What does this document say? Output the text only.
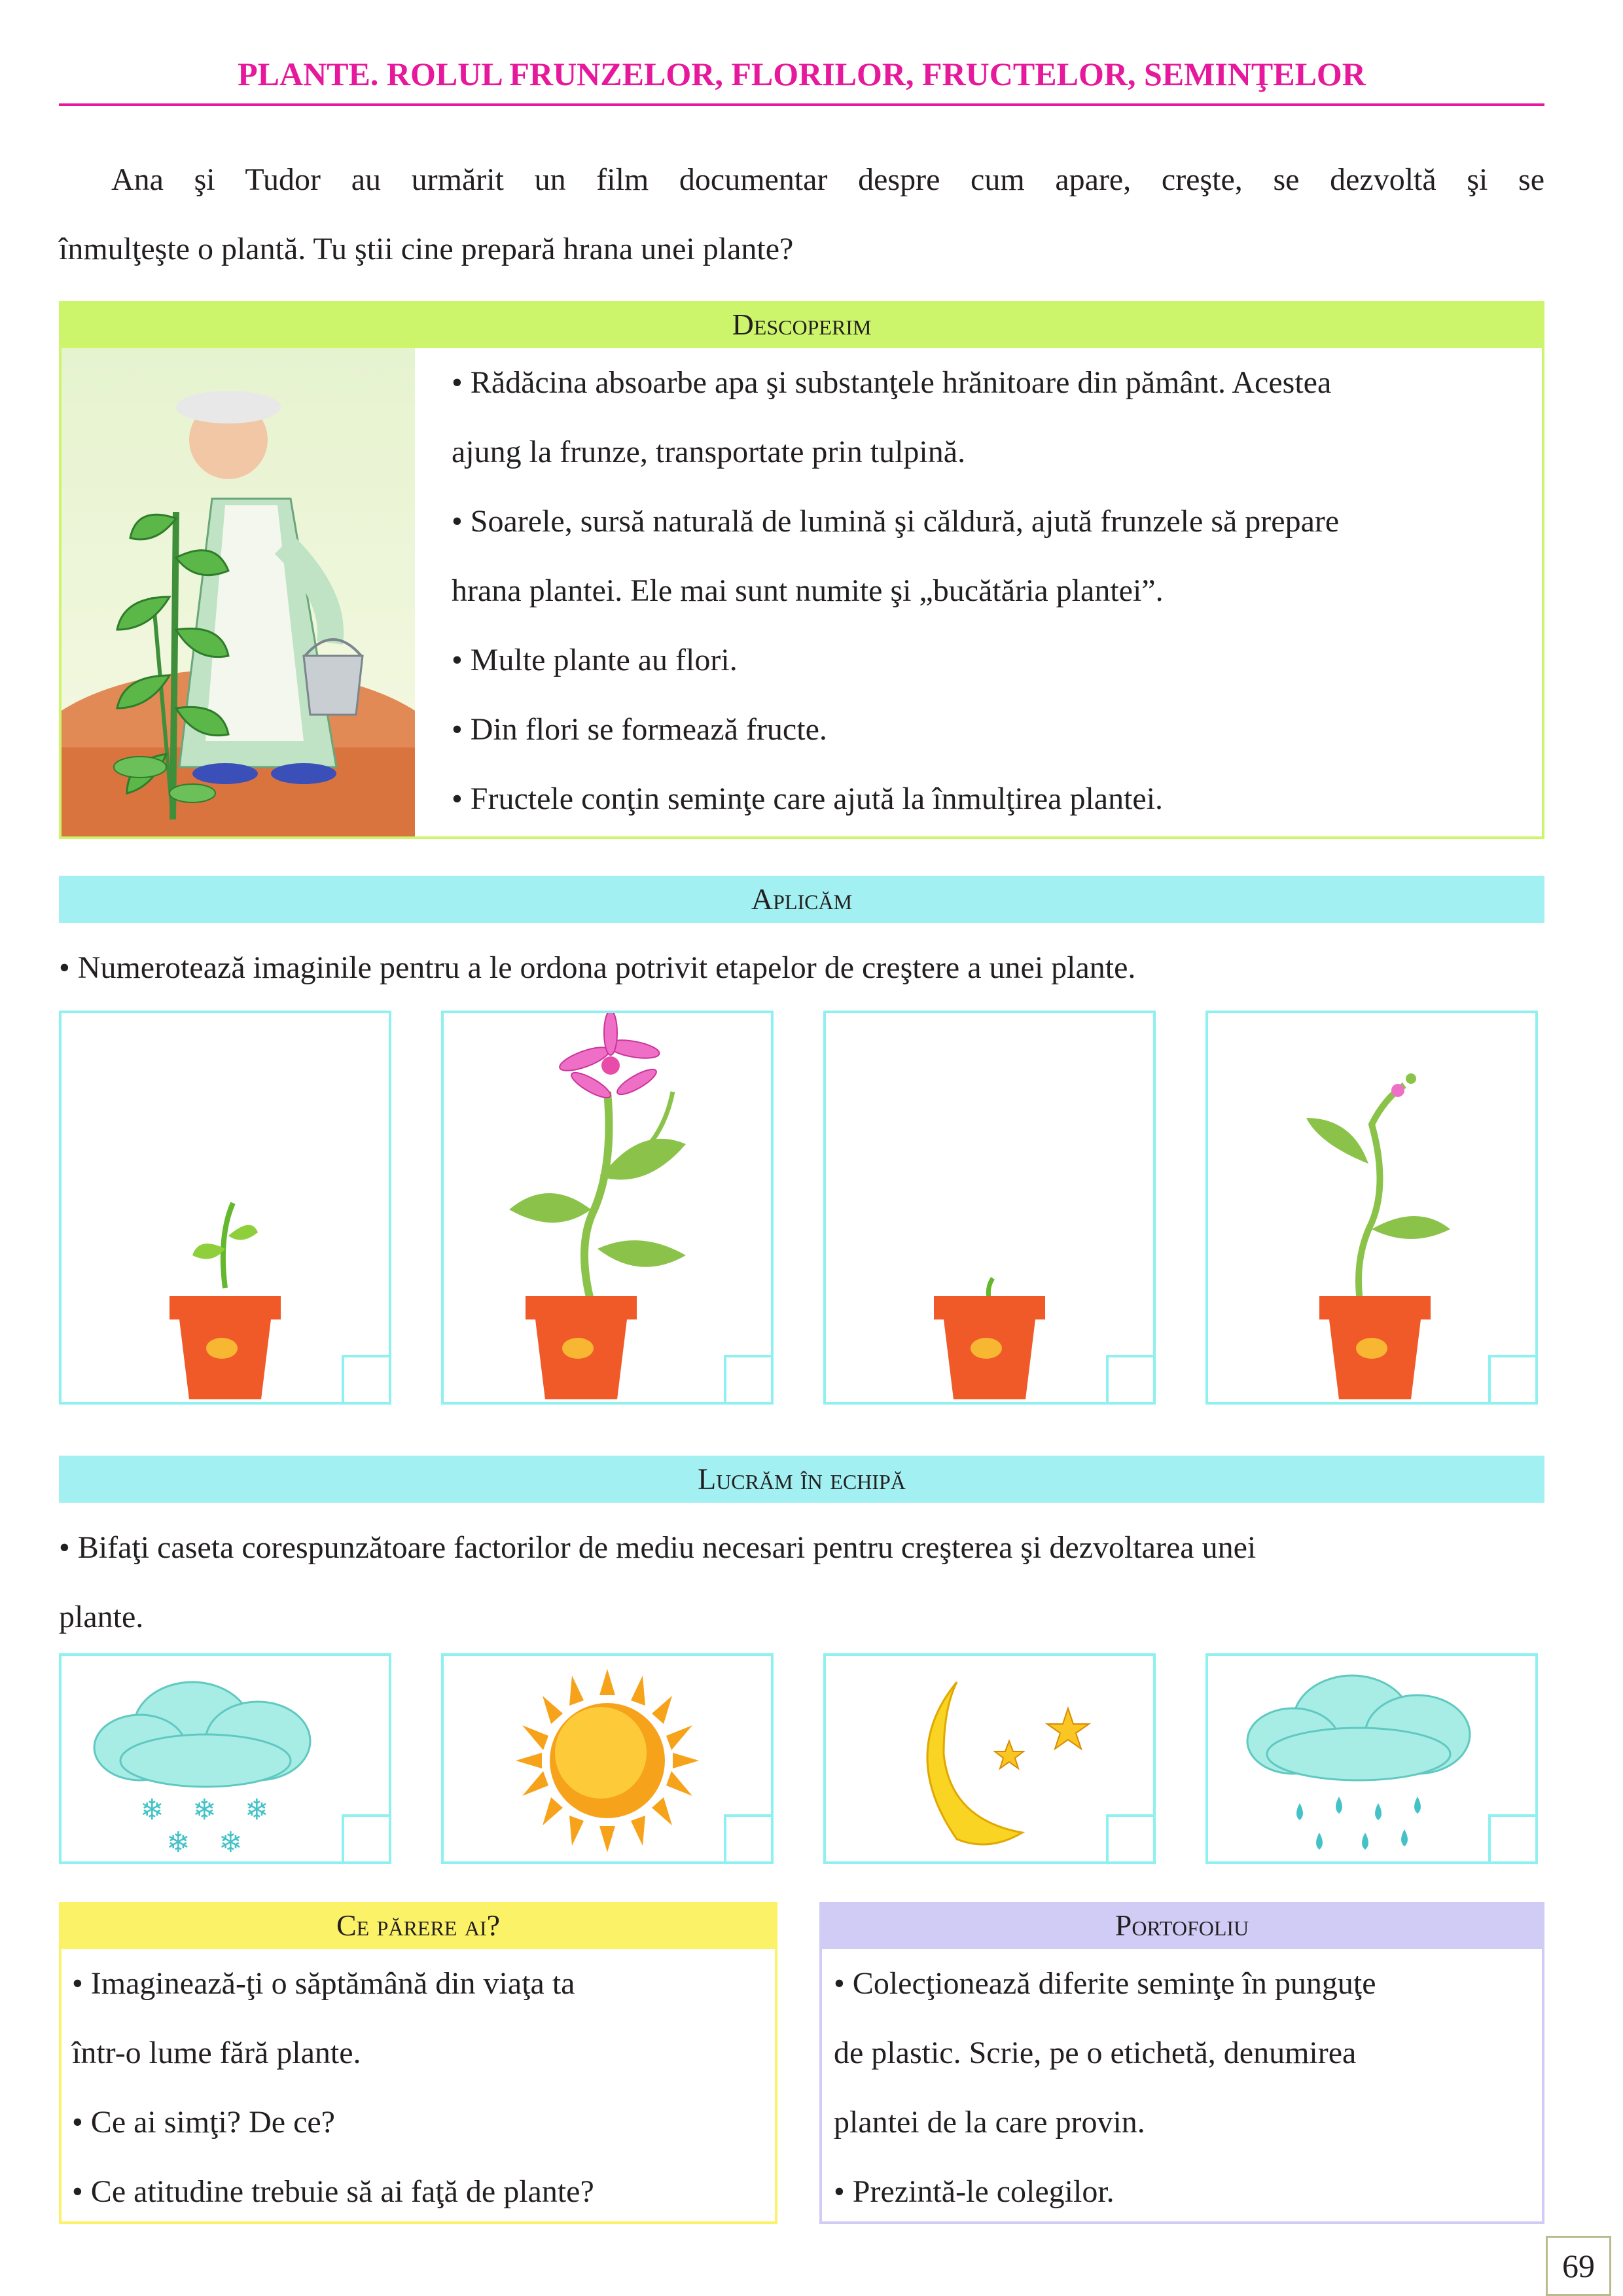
PLANTE. ROLUL FRUNZELOR, FLORILOR, FRUCTELOR, SEMINŢELOR
Ana şi Tudor au urmărit un film documentar despre cum apare, creşte, se dezvoltă şi se
înmulţeşte o plantă. Tu ştii cine prepară hrana unei plante?
Descoperim
• Rădăcina absoarbe apa şi substanţele hrănitoare din pământ. Acestea
ajung la frunze, transportate prin tulpină.
• Soarele, sursă naturală de lumină şi căldură, ajută frunzele să prepare
hrana plantei. Ele mai sunt numite şi „bucătăria plantei”.
• Multe plante au flori.
• Din flori se formează fructe.
• Fructele conţin seminţe care ajută la înmulţirea plantei.
Aplicăm
• Numerotează imaginile pentru a le ordona potrivit etapelor de creştere a unei plante.
Lucrăm în echipă
• Bifaţi caseta corespunzătoare factorilor de mediu necesari pentru creşterea şi dezvoltarea unei
plante.
❄ ❄ ❄
❄ ❄
Ce părere ai?
• Imaginează-ţi o săptămână din viaţa ta
într-o lume fără plante.
• Ce ai simţi? De ce?
• Ce atitudine trebuie să ai faţă de plante?
Portofoliu
• Colecţionează diferite seminţe în punguţe
de plastic. Scrie, pe o etichetă, denumirea
plantei de la care provin.
• Prezintă-le colegilor.
69
